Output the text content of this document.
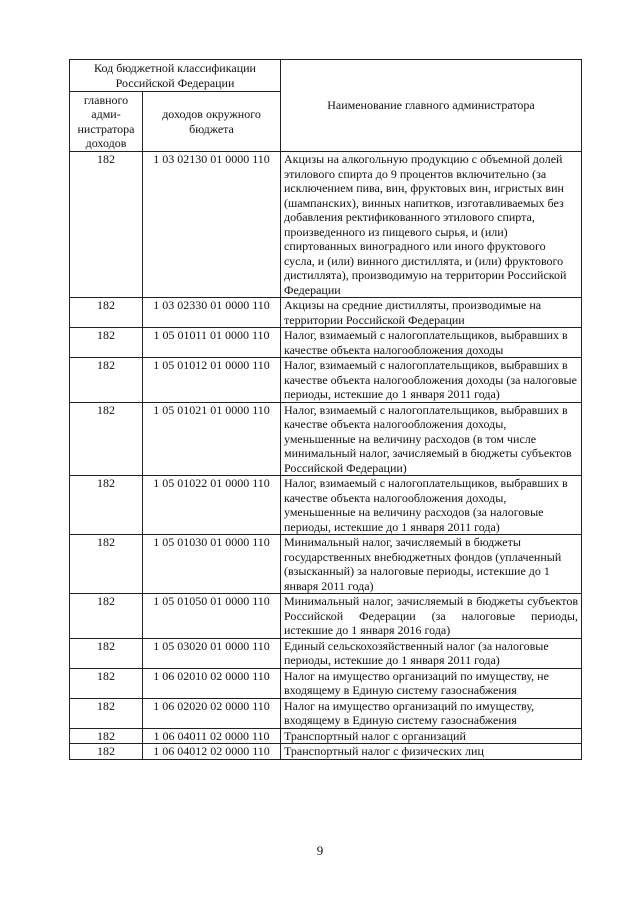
Код бюджетной классификации Российской Федерации		Наименование главного администратора
главного адми-нистратора доходов	доходов окружного бюджета	
182	1 03 02130 01 0000 110	Акцизы на алкогольную продукцию с объемной долей этилового спирта до 9 процентов включительно (за исключением пива, вин, фруктовых вин, игристых вин (шампанских), винных напитков, изготавливаемых без добавления ректификованного этилового спирта, произведенного из пищевого сырья, и (или) спиртованных виноградного или иного фруктового сусла, и (или) винного дистиллята, и (или) фруктового дистиллята), производимую на территории Российской Федерации
182	1 03 02330 01 0000 110	Акцизы на средние дистилляты, производимые на территории Российской Федерации
182	1 05 01011 01 0000 110	Налог, взимаемый с налогоплательщиков, выбравших в качестве объекта налогообложения доходы
182	1 05 01012 01 0000 110	Налог, взимаемый с налогоплательщиков, выбравших в качестве объекта налогообложения доходы (за налоговые периоды, истекшие до 1 января 2011 года)
182	1 05 01021 01 0000 110	Налог, взимаемый с налогоплательщиков, выбравших в качестве объекта налогообложения доходы, уменьшенные на величину расходов (в том числе минимальный налог, зачисляемый в бюджеты субъектов Российской Федерации)
182	1 05 01022 01 0000 110	Налог, взимаемый с налогоплательщиков, выбравших в качестве объекта налогообложения доходы, уменьшенные на величину расходов (за налоговые периоды, истекшие до 1 января 2011 года)
182	1 05 01030 01 0000 110	Минимальный налог, зачисляемый в бюджеты государственных внебюджетных фондов (уплаченный (взысканный) за налоговые периоды, истекшие до 1 января 2011 года)
182	1 05 01050 01 0000 110	Минимальный налог, зачисляемый в бюджеты субъектов Российской Федерации (за налоговые периоды, истекшие до 1 января 2016 года)
182	1 05 03020 01 0000 110	Единый сельскохозяйственный налог (за налоговые периоды, истекшие до 1 января 2011 года)
182	1 06 02010 02 0000 110	Налог на имущество организаций по имуществу, не входящему в Единую систему газоснабжения
182	1 06 02020 02 0000 110	Налог на имущество организаций по имуществу, входящему в Единую систему газоснабжения
182	1 06 04011 02 0000 110	Транспортный налог с организаций
182	1 06 04012 02 0000 110	Транспортный налог с физических лиц
9
